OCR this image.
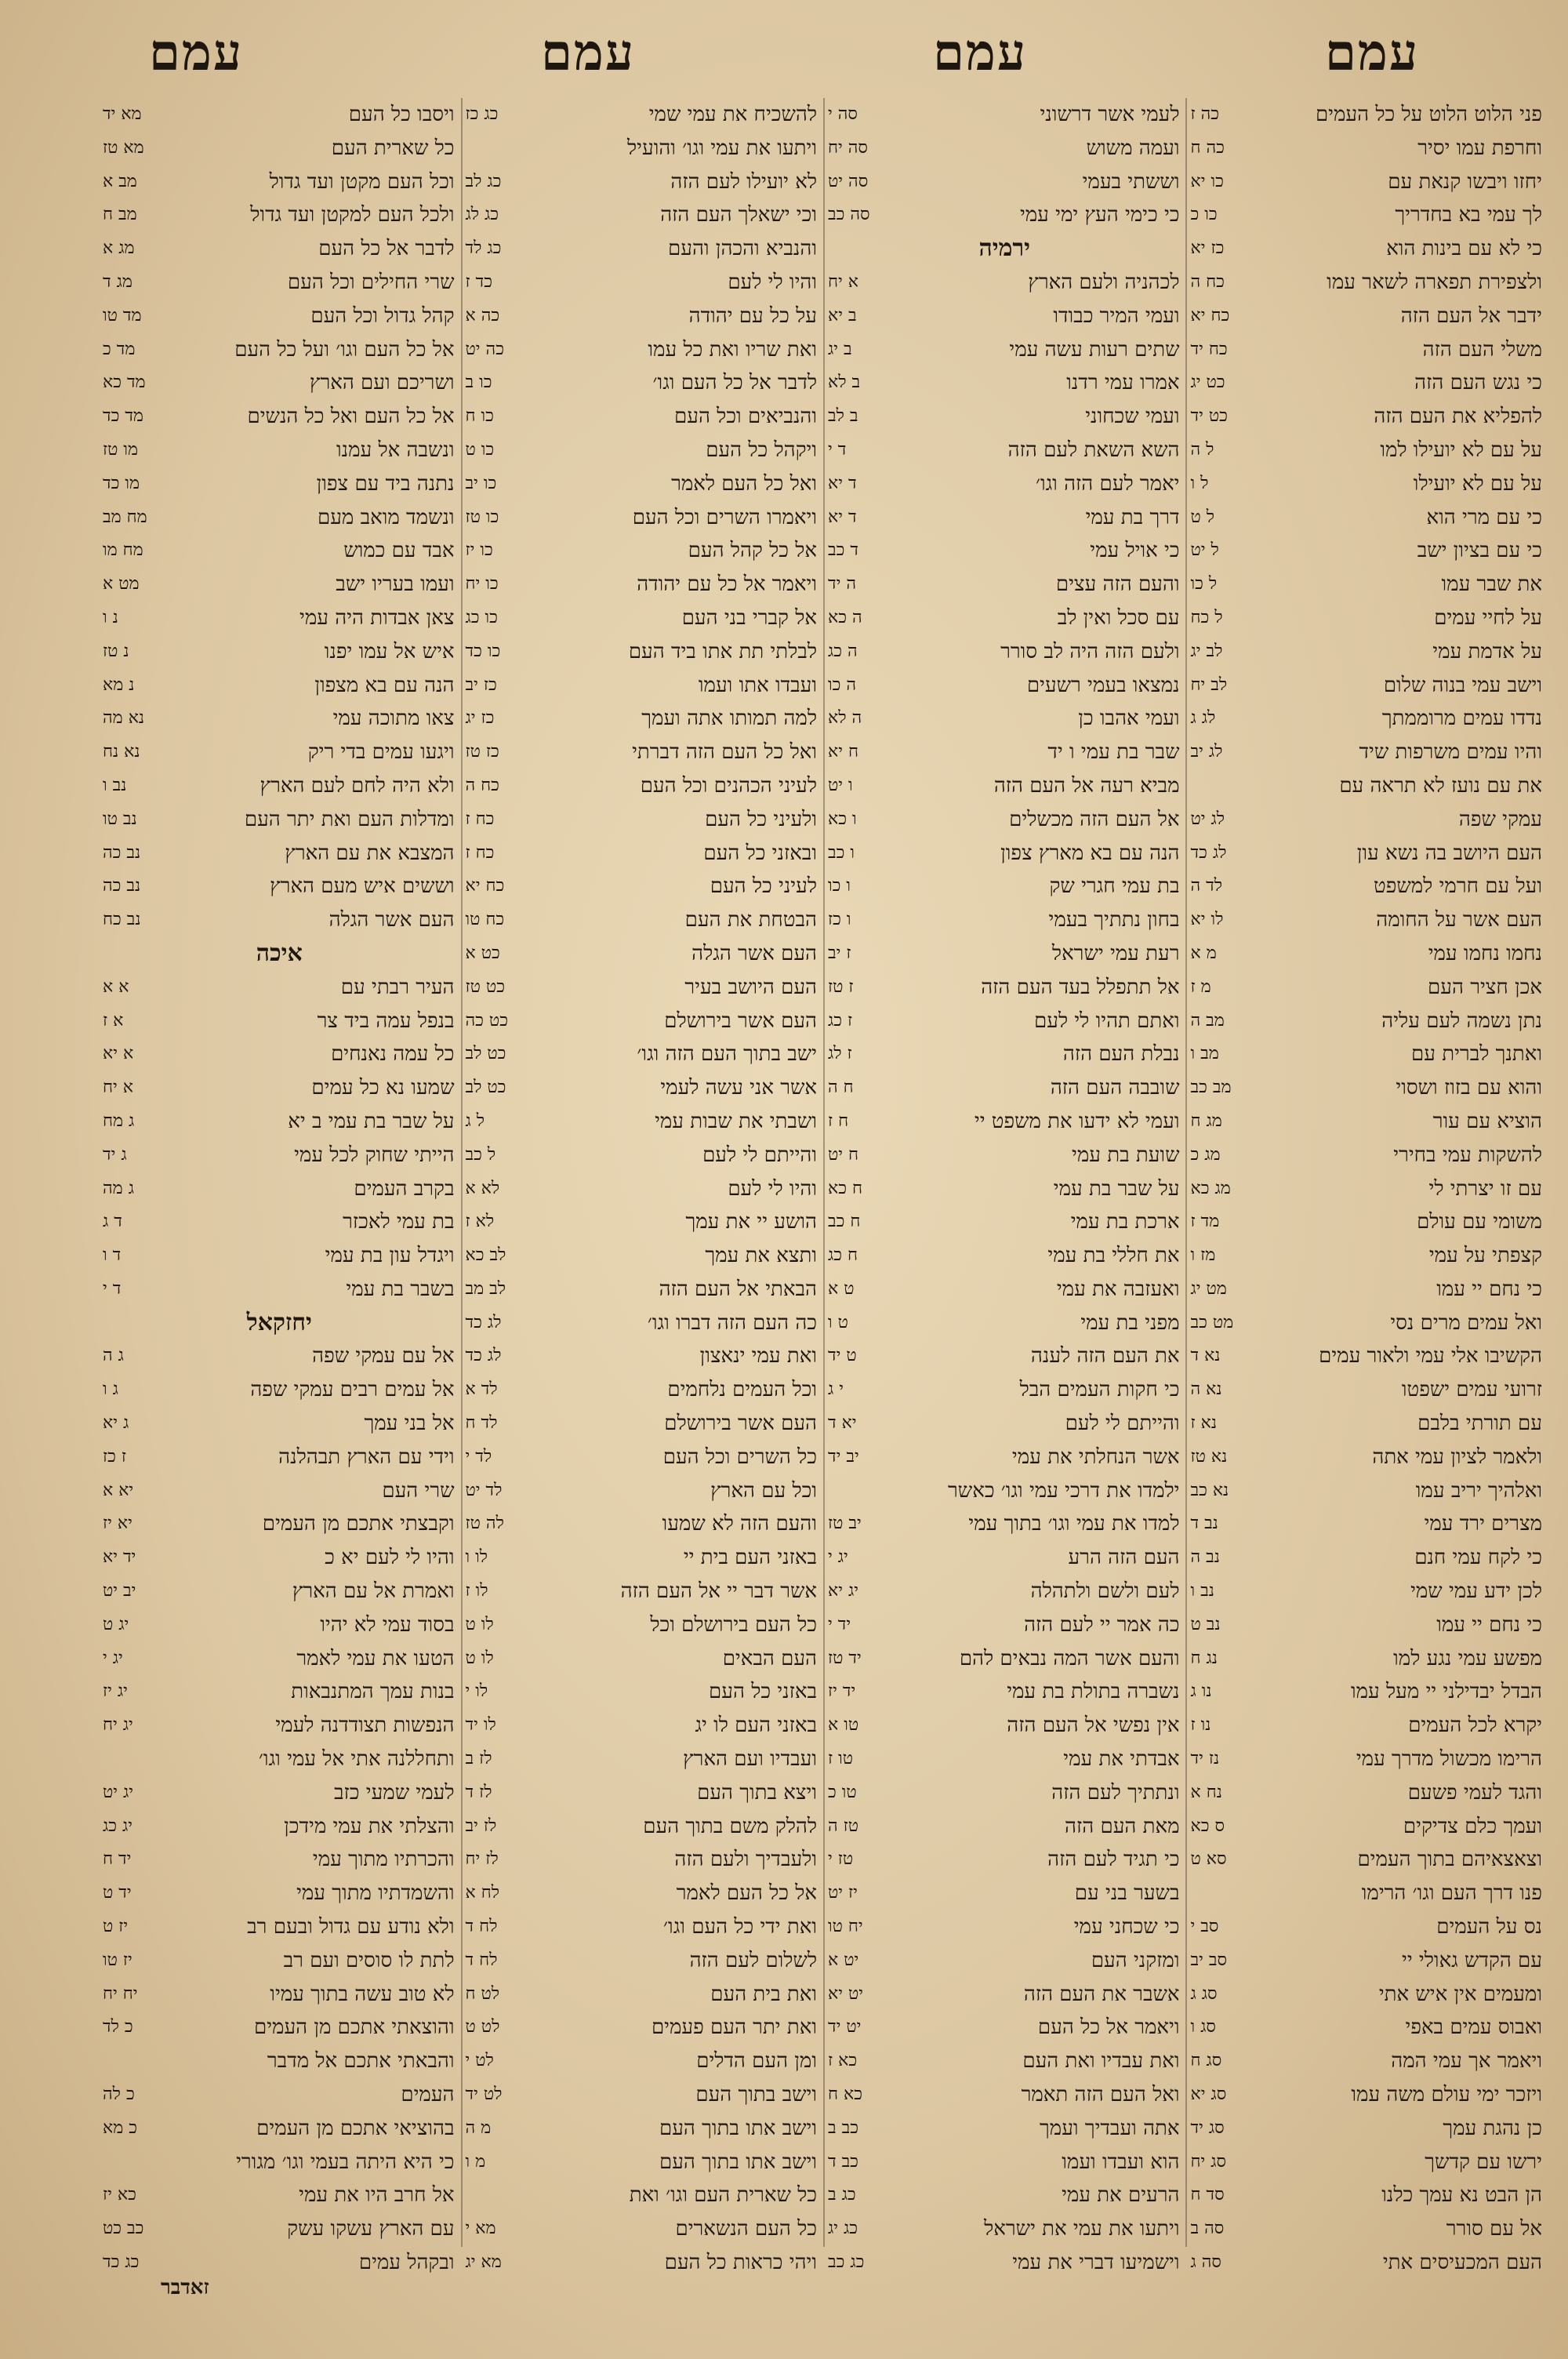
עמם
עמם
עמם
עמם
פני הלוט הלוט על כל העמים
כה ז
וחרפת עמו יסיר
כה ח
יחזו ויבשו קנאת עם
כו יא
לך עמי בא בחדריך
כו כ
כי לא עם בינות הוא
כז יא
ולצפירת תפארה לשאר עמו
כח ה
ידבר אל העם הזה
כח יא
משלי העם הזה
כח יד
כי נגש העם הזה
כט יג
להפליא את העם הזה
כט יד
על עם לא יועילו למו
ל ה
על עם לא יועילו
ל ו
כי עם מרי הוא
ל ט
כי עם בציון ישב
ל יט
את שבר עמו
ל כו
על לחיי עמים
ל כח
על אדמת עמי
לב יג
וישב עמי בנוה שלום
לב יח
נדדו עמים מרוממתך
לג ג
והיו עמים משרפות שיד
לג יב
את עם נועז לא תראה עם
עמקי שפה
לג יט
העם היושב בה נשא עון
לג כד
ועל עם חרמי למשפט
לד ה
העם אשר על החומה
לו יא
נחמו נחמו עמי
מ א
אכן חציר העם
מ ז
נתן נשמה לעם עליה
מב ה
ואתנך לברית עם
מב ו
והוא עם בזוז ושסוי
מב כב
הוציא עם עור
מג ח
להשקות עמי בחירי
מג כ
עם זו יצרתי לי
מג כא
משומי עם עולם
מד ז
קצפתי על עמי
מז ו
כי נחם יי עמו
מט יג
ואל עמים מרים נסי
מט כב
הקשיבו אלי עמי ולאור עמים
נא ד
זרועי עמים ישפטו
נא ה
עם תורתי בלבם
נא ז
ולאמר לציון עמי אתה
נא טז
ואלהיך יריב עמו
נא כב
מצרים ירד עמי
נב ד
כי לקח עמי חנם
נב ה
לכן ידע עמי שמי
נב ו
כי נחם יי עמו
נב ט
מפשע עמי נגע למו
נג ח
הבדל יבדילני יי מעל עמו
נו ג
יקרא לכל העמים
נו ז
הרימו מכשול מדרך עמי
נז יד
והגד לעמי פשעם
נח א
ועמך כלם צדיקים
ס כא
וצאצאיהם בתוך העמים
סא ט
פנו דרך העם וגו׳ הרימו
נס על העמים
סב י
עם הקדש גאולי יי
סב יב
ומעמים אין איש אתי
סג ג
ואבוס עמים באפי
סג ו
ויאמר אך עמי המה
סג ח
ויזכר ימי עולם משה עמו
סג יא
כן נהגת עמך
סג יד
ירשו עם קדשך
סג יח
הן הבט נא עמך כלנו
סד ח
אל עם סורר
סה ב
העם המכעיסים אתי
סה ג
לעמי אשר דרשוני
סה י
ועמה משוש
סה יח
וששתי בעמי
סה יט
כי כימי העץ ימי עמי
סה כב
ירמיה
לכהניה ולעם הארץ
א יח
ועמי המיר כבודו
ב יא
שתים רעות עשה עמי
ב יג
אמרו עמי רדנו
ב לא
ועמי שכחוני
ב לב
השא השאת לעם הזה
ד י
יאמר לעם הזה וגו׳
ד יא
דרך בת עמי
ד יא
כי אויל עמי
ד כב
והעם הזה עצים
ה יד
עם סכל ואין לב
ה כא
ולעם הזה היה לב סורר
ה כג
נמצאו בעמי רשעים
ה כו
ועמי אהבו כן
ה לא
שבר בת עמי ו יד
ח יא
מביא רעה אל העם הזה
ו יט
אל העם הזה מכשלים
ו כא
הנה עם בא מארץ צפון
ו כב
בת עמי חגרי שק
ו כו
בחון נתתיך בעמי
ו כז
רעת עמי ישראל
ז יב
אל תתפלל בעד העם הזה
ז טז
ואתם תהיו לי לעם
ז כג
נבלת העם הזה
ז לג
שובבה העם הזה
ח ה
ועמי לא ידעו את משפט יי
ח ז
שועת בת עמי
ח יט
על שבר בת עמי
ח כא
ארכת בת עמי
ח כב
את חללי בת עמי
ח כג
ואעזבה את עמי
ט א
מפני בת עמי
ט ו
את העם הזה לענה
ט יד
כי חקות העמים הבל
י ג
והייתם לי לעם
יא ד
אשר הנחלתי את עמי
יב יד
ילמדו את דרכי עמי וגו׳ כאשר
למדו את עמי וגו׳ בתוך עמי
יב טז
העם הזה הרע
יג י
לעם ולשם ולתהלה
יג יא
כה אמר יי לעם הזה
יד י
והעם אשר המה נבאים להם
יד טז
נשברה בתולת בת עמי
יד יז
אין נפשי אל העם הזה
טו א
אבדתי את עמי
טו ז
ונתתיך לעם הזה
טו כ
מאת העם הזה
טז ה
כי תגיד לעם הזה
טז י
בשער בני עם
יז יט
כי שכחני עמי
יח טו
ומזקני העם
יט א
אשבר את העם הזה
יט יא
ויאמר אל כל העם
יט יד
ואת עבדיו ואת העם
כא ז
ואל העם הזה תאמר
כא ח
אתה ועבדיך ועמך
כב ב
הוא ועבדו ועמו
כב ד
הרעים את עמי
כג ב
ויתעו את עמי את ישראל
כג יג
וישמיעו דברי את עמי
כג כב
להשכיח את עמי שמי
כג כז
ויתעו את עמי וגו׳ והועיל
לא יועילו לעם הזה
כג לב
וכי ישאלך העם הזה
כג לג
והנביא והכהן והעם
כג לד
והיו לי לעם
כד ז
על כל עם יהודה
כה א
ואת שריו ואת כל עמו
כה יט
לדבר אל כל העם וגו׳
כו ב
והנביאים וכל העם
כו ח
ויקהל כל העם
כו ט
ואל כל העם לאמר
כו יב
ויאמרו השרים וכל העם
כו טז
אל כל קהל העם
כו יז
ויאמר אל כל עם יהודה
כו יח
אל קברי בני העם
כו כג
לבלתי תת אתו ביד העם
כו כד
ועבדו אתו ועמו
כז יב
למה תמותו אתה ועמך
כז יג
ואל כל העם הזה דברתי
כז טז
לעיני הכהנים וכל העם
כח ה
ולעיני כל העם
כח ז
ובאזני כל העם
כח ז
לעיני כל העם
כח יא
הבטחת את העם
כח טו
העם אשר הגלה
כט א
העם היושב בעיר
כט טז
העם אשר בירושלם
כט כה
ישב בתוך העם הזה וגו׳
כט לב
אשר אני עשה לעמי
כט לב
ושבתי את שבות עמי
ל ג
והייתם לי לעם
ל כב
והיו לי לעם
לא א
הושע יי את עמך
לא ז
ותצא את עמך
לב כא
הבאתי אל העם הזה
לב מב
כה העם הזה דברו וגו׳
לג כד
ואת עמי ינאצון
לג כד
וכל העמים נלחמים
לד א
העם אשר בירושלם
לד ח
כל השרים וכל העם
לד י
וכל עם הארץ
לד יט
והעם הזה לא שמעו
לה טז
באזני העם בית יי
לו ו
אשר דבר יי אל העם הזה
לו ז
כל העם בירושלם וכל
לו ט
העם הבאים
לו ט
באזני כל העם
לו י
באזני העם לו יג
לו יד
ועבדיו ועם הארץ
לז ב
ויצא בתוך העם
לז ד
להלק משם בתוך העם
לז יב
ולעבדיך ולעם הזה
לז יח
אל כל העם לאמר
לח א
ואת ידי כל העם וגו׳
לח ד
לשלום לעם הזה
לח ד
ואת בית העם
לט ח
ואת יתר העם פעמים
לט ט
ומן העם הדלים
לט י
וישב בתוך העם
לט יד
וישב אתו בתוך העם
מ ה
וישב אתו בתוך העם
מ ו
כל שארית העם וגו׳ ואת
כל העם הנשארים
מא י
ויהי כראות כל העם
מא יג
ויסבו כל העם
מא יד
כל שארית העם
מא טז
וכל העם מקטן ועד גדול
מב א
ולכל העם למקטן ועד גדול
מב ח
לדבר אל כל העם
מג א
שרי החילים וכל העם
מג ד
קהל גדול וכל העם
מד טו
אל כל העם וגו׳ ועל כל העם
מד כ
ושריכם ועם הארץ
מד כא
אל כל העם ואל כל הנשים
מד כד
ונשבה אל עמנו
מו טז
נתנה ביד עם צפון
מו כד
ונשמד מואב מעם
מח מב
אבד עם כמוש
מח מו
ועמו בעריו ישב
מט א
צאן אבדות היה עמי
נ ו
איש אל עמו יפנו
נ טז
הנה עם בא מצפון
נ מא
צאו מתוכה עמי
נא מה
ויגעו עמים בדי ריק
נא נח
ולא היה לחם לעם הארץ
נב ו
ומדלות העם ואת יתר העם
נב טו
המצבא את עם הארץ
נב כה
וששים איש מעם הארץ
נב כה
העם אשר הגלה
נב כח
איכה
העיר רבתי עם
א א
בנפל עמה ביד צר
א ז
כל עמה נאנחים
א יא
שמעו נא כל עמים
א יח
על שבר בת עמי ב יא
ג מח
הייתי שחוק לכל עמי
ג יד
בקרב העמים
ג מה
בת עמי לאכזר
ד ג
ויגדל עון בת עמי
ד ו
בשבר בת עמי
ד י
יחזקאל
אל עם עמקי שפה
ג ה
אל עמים רבים עמקי שפה
ג ו
אל בני עמך
ג יא
וידי עם הארץ תבהלנה
ז כז
שרי העם
יא א
וקבצתי אתכם מן העמים
יא יז
והיו לי לעם יא כ
יד יא
ואמרת אל עם הארץ
יב יט
בסוד עמי לא יהיו
יג ט
הטעו את עמי לאמר
יג י
בנות עמך המתנבאות
יג יז
הנפשות תצודדנה לעמי
יג יח
ותחללנה אתי אל עמי וגו׳
לעמי שמעי כזב
יג יט
והצלתי את עמי מידכן
יג כג
והכרתיו מתוך עמי
יד ח
והשמדתיו מתוך עמי
יד ט
ולא נודע עם גדול ובעם רב
יז ט
לתת לו סוסים ועם רב
יז טו
לא טוב עשה בתוך עמיו
יח יח
והוצאתי אתכם מן העמים
כ לד
והבאתי אתכם אל מדבר
העמים
כ לה
בהוציאי אתכם מן העמים
כ מא
כי היא היתה בעמי וגו׳ מגורי
אל חרב היו את עמי
כא יז
עם הארץ עשקו עשק
כב כט
ובקהל עמים
כג כד
זאדבר
